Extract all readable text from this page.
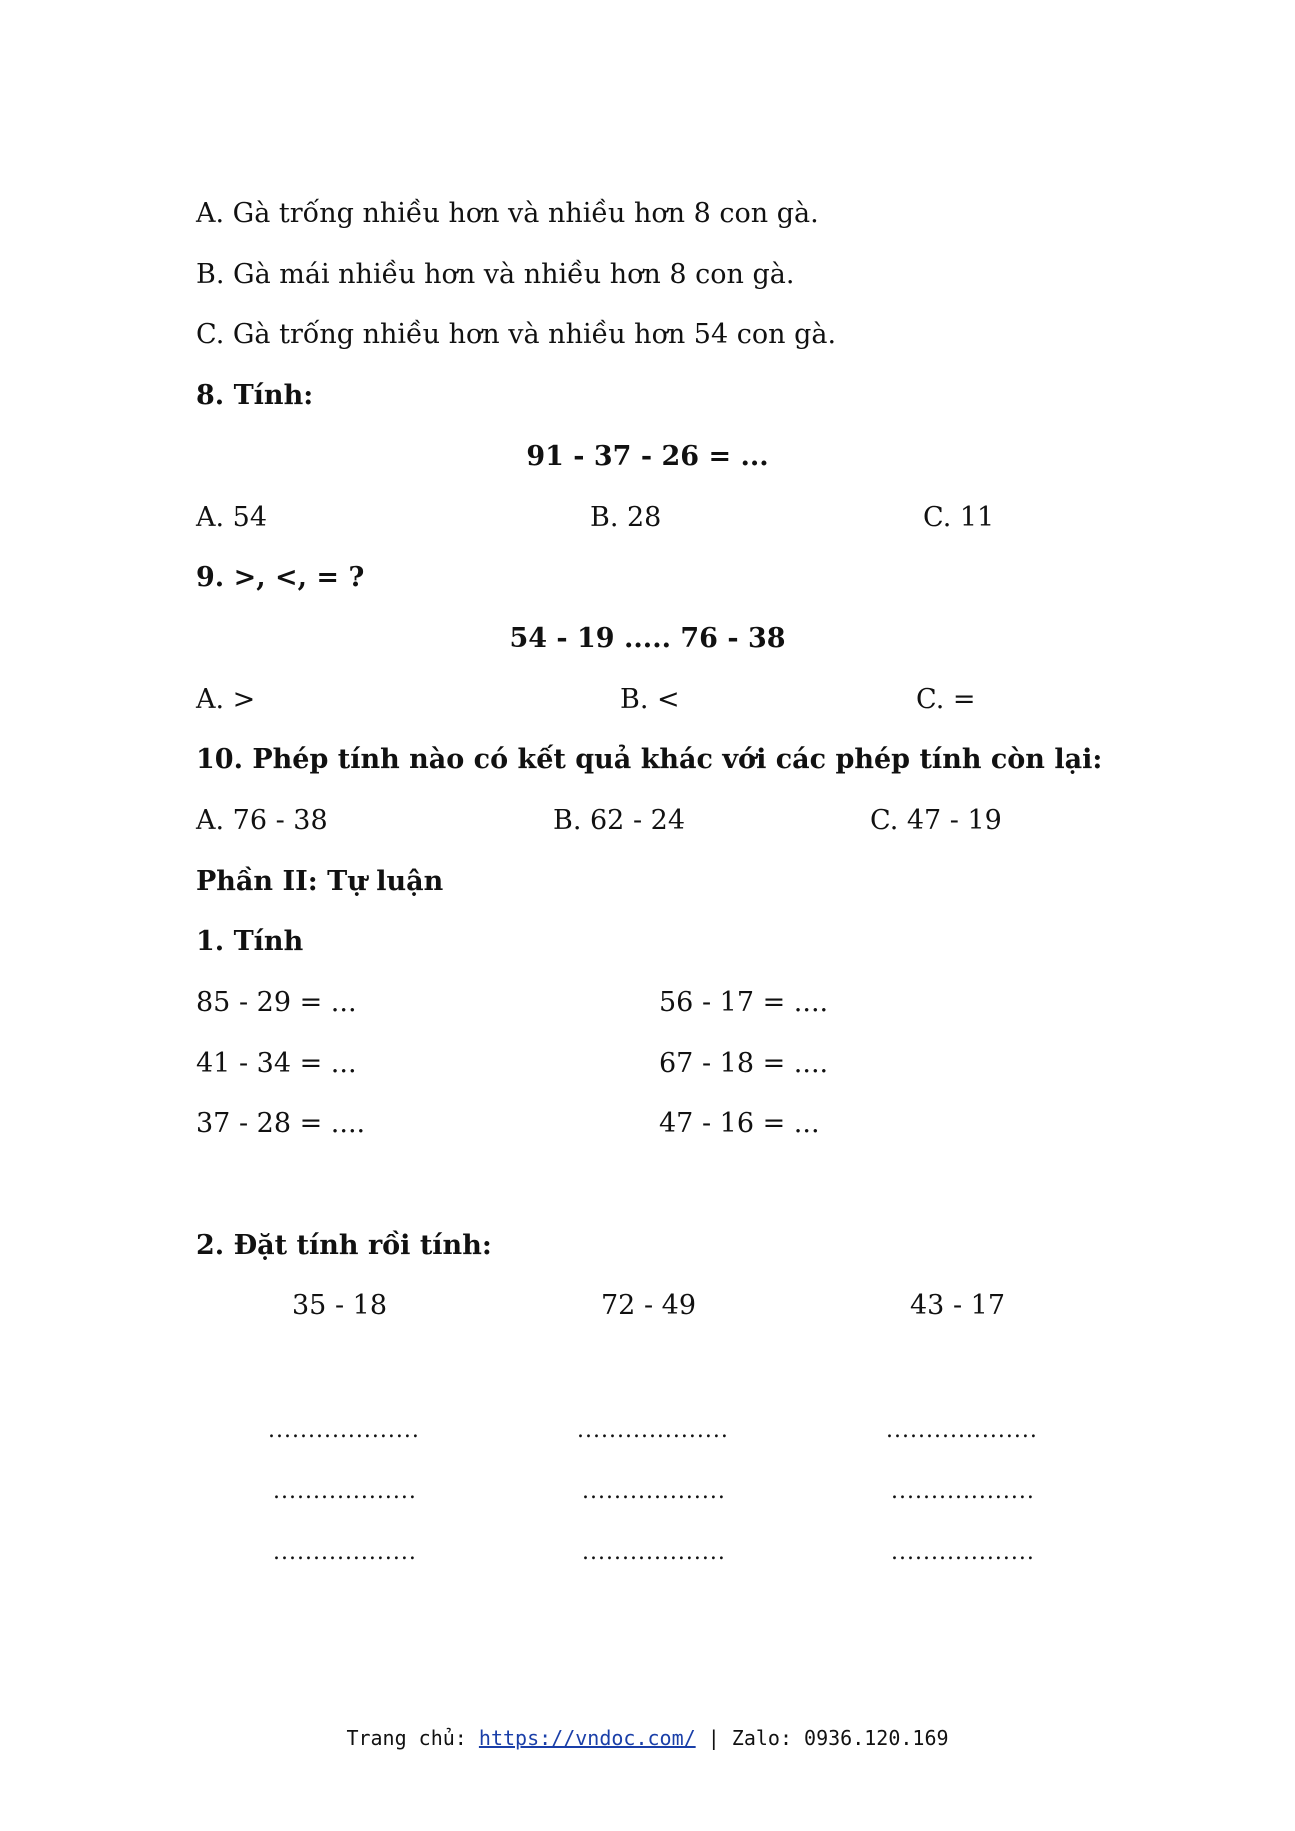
A. Gà trống nhiều hơn và nhiều hơn 8 con gà.
B. Gà mái nhiều hơn và nhiều hơn 8 con gà.
C. Gà trống nhiều hơn và nhiều hơn 54 con gà.
8. Tính:
91 - 37 - 26 = ...
A. 54	B. 28	C. 11
9. >, <, = ?
54 - 19 ..... 76 - 38
A. >	B. <	C. =
10. Phép tính nào có kết quả khác với các phép tính còn lại:
A. 76 - 38	B. 62 - 24	C. 47 - 19
Phần II: Tự luận
1. Tính
85 - 29 = ...	56 - 17 = ....
41 - 34 = ...	67 - 18 = ....
37 - 28 = ....	47 - 16 = ...
2. Đặt tính rồi tính:
35 - 18	72 - 49	43 - 17
...................	...................	...................
..................	..................	..................
..................	..................	..................
Trang chủ: https://vndoc.com/ | Zalo: 0936.120.169
